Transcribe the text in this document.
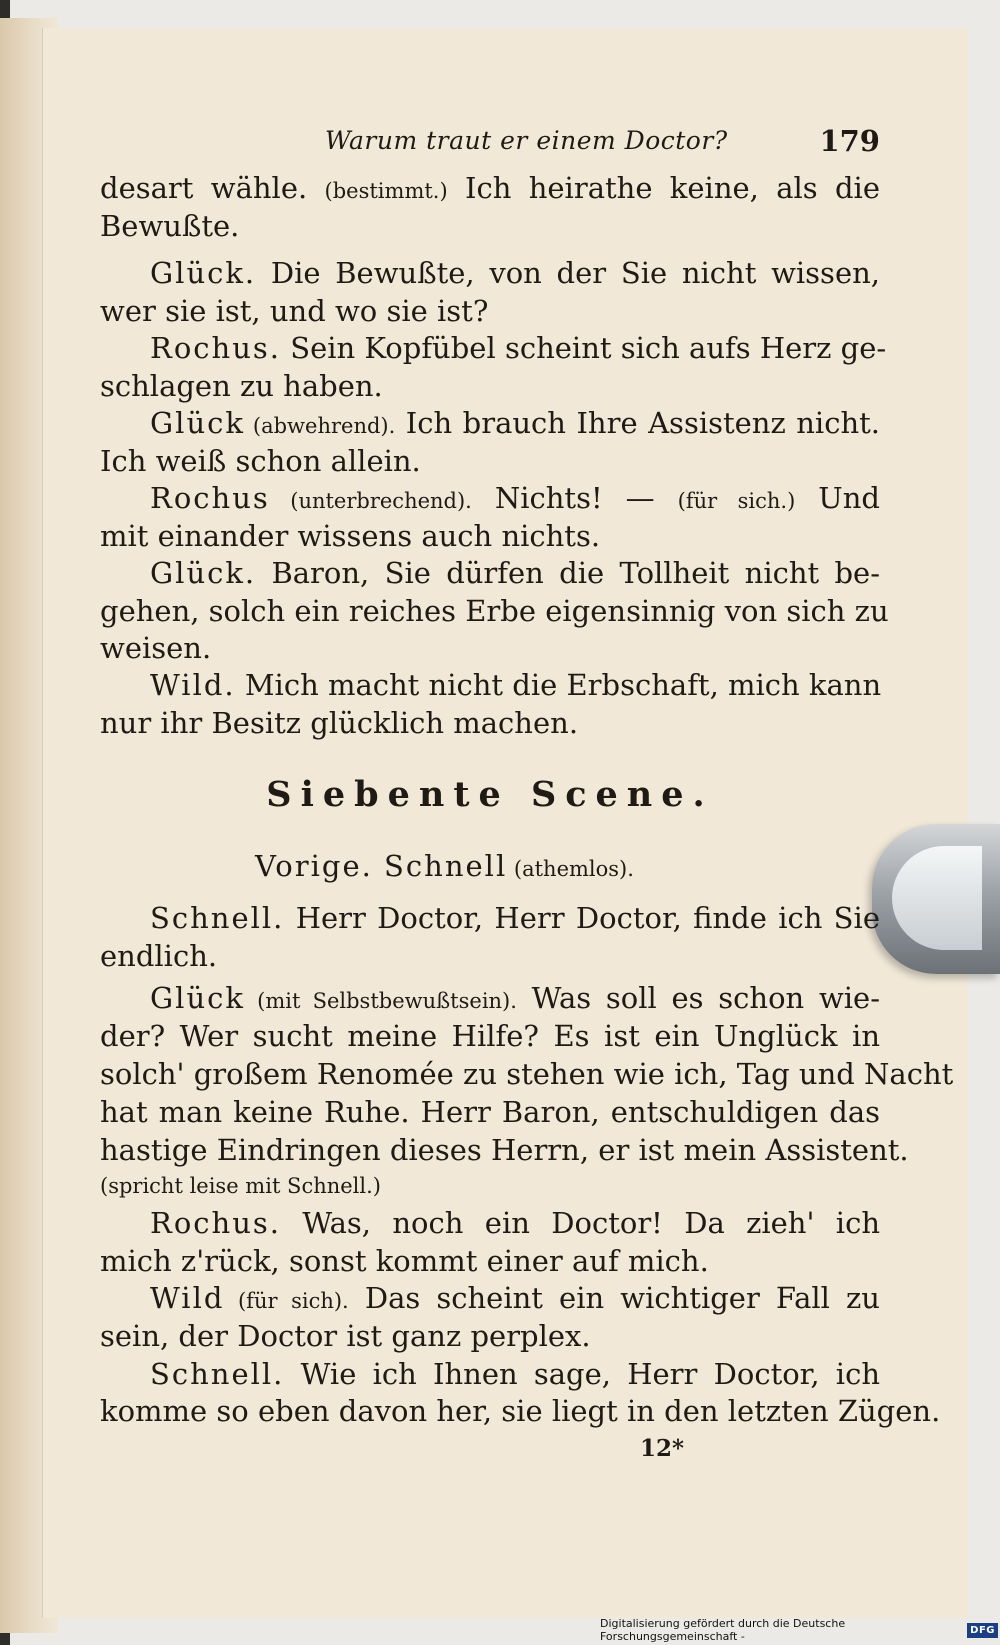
Warum traut er einem Doctor?	179
desart wähle. (bestimmt.) Ich heirathe keine, als die
Bewußte.
Glück. Die Bewußte, von der Sie nicht wissen,
wer sie ist, und wo sie ist?
Rochus. Sein Kopfübel scheint sich aufs Herz ge-
schlagen zu haben.
Glück (abwehrend). Ich brauch Ihre Assistenz nicht.
Ich weiß schon allein.
Rochus (unterbrechend). Nichts! — (für sich.) Und
mit einander wissens auch nichts.
Glück. Baron, Sie dürfen die Tollheit nicht be-
gehen, solch ein reiches Erbe eigensinnig von sich zu
weisen.
Wild. Mich macht nicht die Erbschaft, mich kann
nur ihr Besitz glücklich machen.
Siebente Scene.
Vorige. Schnell (athemlos).
Schnell. Herr Doctor, Herr Doctor, finde ich Sie
endlich.
Glück (mit Selbstbewußtsein). Was soll es schon wie-
der? Wer sucht meine Hilfe? Es ist ein Unglück in
solch' großem Renomée zu stehen wie ich, Tag und Nacht
hat man keine Ruhe. Herr Baron, entschuldigen das
hastige Eindringen dieses Herrn, er ist mein Assistent.
(spricht leise mit Schnell.)
Rochus. Was, noch ein Doctor! Da zieh' ich
mich z'rück, sonst kommt einer auf mich.
Wild (für sich). Das scheint ein wichtiger Fall zu
sein, der Doctor ist ganz perplex.
Schnell. Wie ich Ihnen sage, Herr Doctor, ich
komme so eben davon her, sie liegt in den letzten Zügen.
12*
Digitalisierung gefördert durch die Deutsche Forschungsgemeinschaft -	DFG
